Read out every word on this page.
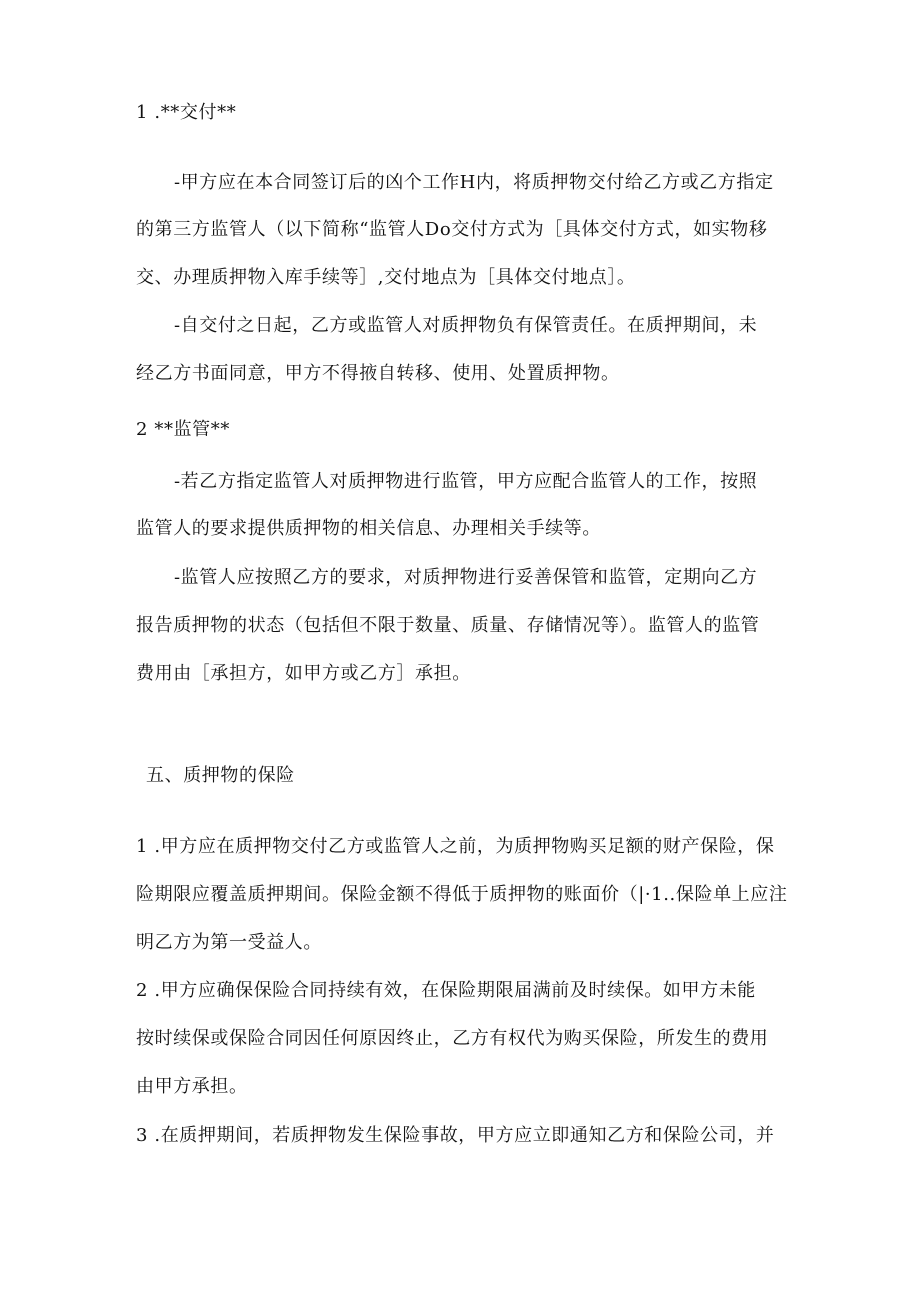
1 .**交付**
-甲方应在本合同签订后的凶个工作H内，将质押物交付给乙方或乙方指定
的第三方监管人（以下简称“监管人Do交付方式为［具体交付方式，如实物移
交、办理质押物入库手续等］,交付地点为［具体交付地点］。
-自交付之日起，乙方或监管人对质押物负有保管责任。在质押期间，未
经乙方书面同意，甲方不得掖自转移、使用、处置质押物。
2 **监管**
-若乙方指定监管人对质押物进行监管，甲方应配合监管人的工作，按照
监管人的要求提供质押物的相关信息、办理相关手续等。
-监管人应按照乙方的要求，对质押物进行妥善保管和监管，定期向乙方
报告质押物的状态（包括但不限于数量、质量、存储情况等）。监管人的监管
费用由［承担方，如甲方或乙方］承担。
五、质押物的保险
1 .甲方应在质押物交付乙方或监管人之前，为质押物购买足额的财产保险，保
险期限应覆盖质押期间。保险金额不得低于质押物的账面价（|·1..保险单上应注
明乙方为第一受益人。
2 .甲方应确保保险合同持续有效，在保险期限届满前及时续保。如甲方未能
按时续保或保险合同因任何原因终止，乙方有权代为购买保险，所发生的费用
由甲方承担。
3 .在质押期间，若质押物发生保险事故，甲方应立即通知乙方和保险公司，并
